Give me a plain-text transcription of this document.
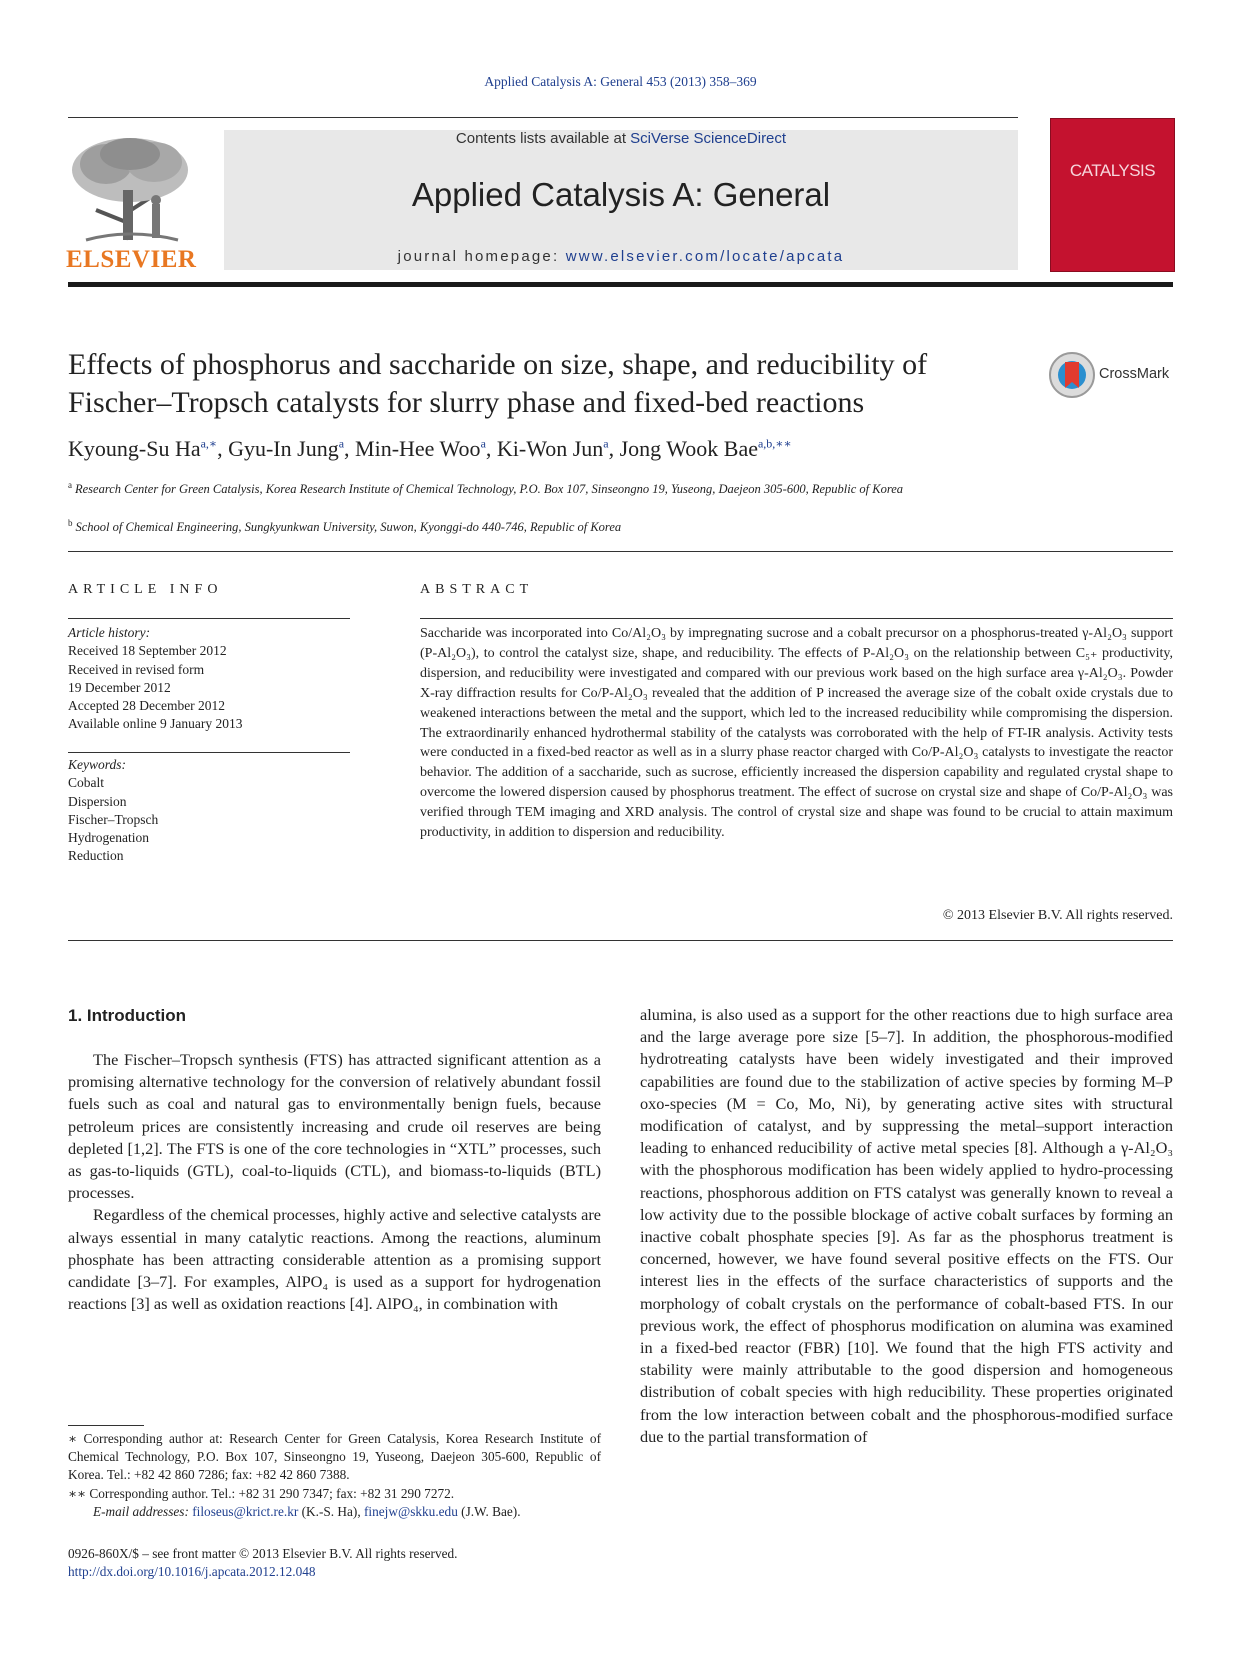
Applied Catalysis A: General 453 (2013) 358–369
ELSEVIER
Contents lists available at SciVerse ScienceDirect
Applied Catalysis A: General
journal homepage: www.elsevier.com/locate/apcata
CATALYSIS
Effects of phosphorus and saccharide on size, shape, and reducibility of Fischer–Tropsch catalysts for slurry phase and fixed-bed reactions
CrossMark
Kyoung-Su $Ha^{a,∗}$, Gyu-In Jung$^a$, Min-Hee Woo$^a$, Ki-Won Jun$^a$, Jong Wook Bae$^{a,b,∗∗}$
$^a$ Research Center for Green Catalysis, Korea Research Institute of Chemical Technology, P.O. Box 107, Sinseongno 19, Yuseong, Daejeon 305-600, Republic of Korea
$^b$ School of Chemical Engineering, Sungkyunkwan University, Suwon, Kyonggi-do 440-746, Republic of Korea
ARTICLE INFO
Article history:
Received 18 September 2012
Received in revised form
19 December 2012
Accepted 28 December 2012
Available online 9 January 2013
Keywords:
Cobalt
Dispersion
Fischer–Tropsch
Hydrogenation
Reduction
ABSTRACT
Saccharide was incorporated into Co/Al₂O₃ by impregnating sucrose and a cobalt precursor on a phosphorus-treated γ-Al₂O₃ support (P-Al₂O₃), to control the catalyst size, shape, and reducibility. The effects of P-Al₂O₃ on the relationship between C₅₊ productivity, dispersion, and reducibility were investigated and compared with our previous work based on the high surface area γ-Al₂O₃. Powder X-ray diffraction results for Co/P-Al₂O₃ revealed that the addition of P increased the average size of the cobalt oxide crystals due to weakened interactions between the metal and the support, which led to the increased reducibility while compromising the dispersion. The extraordinarily enhanced hydrothermal stability of the catalysts was corroborated with the help of FT-IR analysis. Activity tests were conducted in a fixed-bed reactor as well as in a slurry phase reactor charged with Co/P-Al₂O₃ catalysts to investigate the reactor behavior. The addition of a saccharide, such as sucrose, efficiently increased the dispersion capability and regulated crystal shape to overcome the lowered dispersion caused by phosphorus treatment. The effect of sucrose on crystal size and shape of Co/P-Al₂O₃ was verified through TEM imaging and XRD analysis. The control of crystal size and shape was found to be crucial to attain maximum productivity, in addition to dispersion and reducibility.
© 2013 Elsevier B.V. All rights reserved.
1. Introduction

The Fischer–Tropsch synthesis (FTS) has attracted significant attention as a promising alternative technology for the conversion of relatively abundant fossil fuels such as coal and natural gas to environmentally benign fuels, because petroleum prices are consistently increasing and crude oil reserves are being depleted [1,2]. The FTS is one of the core technologies in “XTL” processes, such as gas-to-liquids (GTL), coal-to-liquids (CTL), and biomass-to-liquids (BTL) processes.

Regardless of the chemical processes, highly active and selective catalysts are always essential in many catalytic reactions. Among the reactions, aluminum phosphate has been attracting considerable attention as a promising support candidate [3–7]. For examples, AlPO₄ is used as a support for hydrogenation reactions [3] as well as oxidation reactions [4]. AlPO₄, in combination with

alumina, is also used as a support for the other reactions due to high surface area and the large average pore size [5–7]. In addition, the phosphorous-modified hydrotreating catalysts have been widely investigated and their improved capabilities are found due to the stabilization of active species by forming M–P oxo-species (M = Co, Mo, Ni), by generating active sites with structural modification of catalyst, and by suppressing the metal–support interaction leading to enhanced reducibility of active metal species [8]. Although a γ-Al₂O₃ with the phosphorous modification has been widely applied to hydro-processing reactions, phosphorous addition on FTS catalyst was generally known to reveal a low activity due to the possible blockage of active cobalt surfaces by forming an inactive cobalt phosphate species [9]. As far as the phosphorus treatment is concerned, however, we have found several positive effects on the FTS. Our interest lies in the effects of the surface characteristics of supports and the morphology of cobalt crystals on the performance of cobalt-based FTS. In our previous work, the effect of phosphorus modification on alumina was examined in a fixed-bed reactor (FBR) [10]. We found that the high FTS activity and stability were mainly attributable to the good dispersion and homogeneous distribution of cobalt species with high reducibility. These properties originated from the low interaction between cobalt and the phosphorous-modified surface due to the partial transformation of

∗ Corresponding author at: Research Center for Green Catalysis, Korea Research Institute of Chemical Technology, P.O. Box 107, Sinseongno 19, Yuseong, Daejeon 305-600, Republic of Korea. Tel.: +82 42 860 7286; fax: +82 42 860 7388.
∗∗ Corresponding author. Tel.: +82 31 290 7347; fax: +82 31 290 7272.
E-mail addresses: filoseus@krict.re.kr (K.-S. Ha), finejw@skku.edu (J.W. Bae).
0926-860X/$ – see front matter © 2013 Elsevier B.V. All rights reserved.
http://dx.doi.org/10.1016/j.apcata.2012.12.048
